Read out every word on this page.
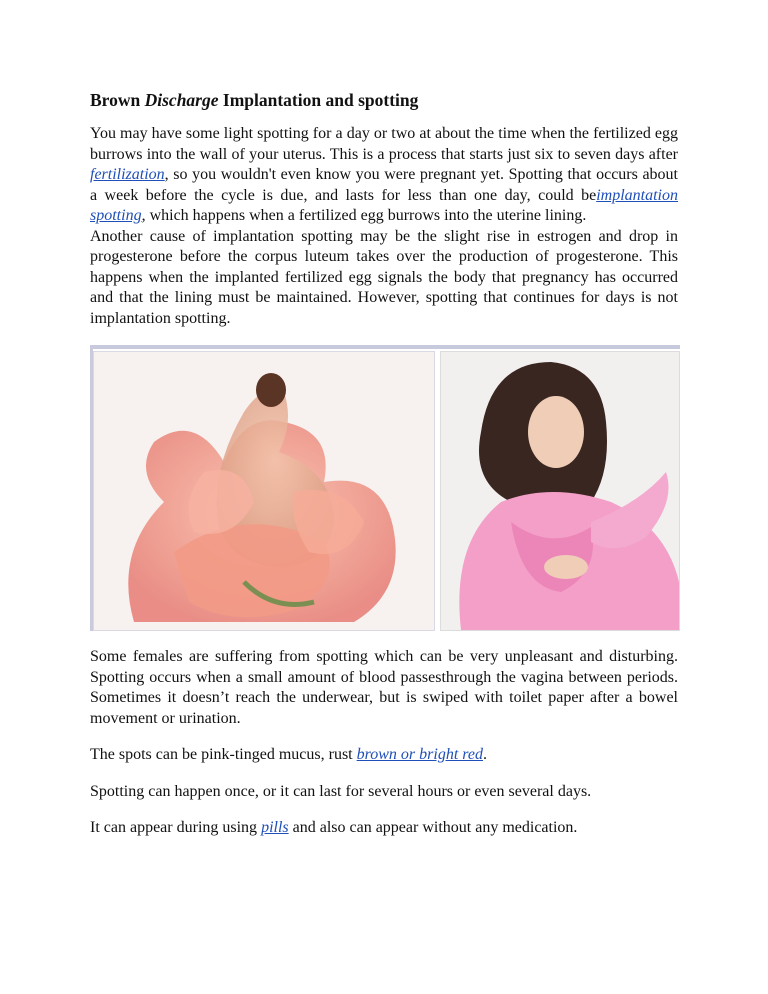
Brown Discharge Implantation and spotting

You may have some light spotting for a day or two at about the time when the fertilized egg burrows into the wall of your uterus. This is a process that starts just six to seven days after fertilization, so you wouldn't even know you were pregnant yet. Spotting that occurs about a week before the cycle is due, and lasts for less than one day, could beimplantation spotting, which happens when a fertilized egg burrows into the uterine lining.
Another cause of implantation spotting may be the slight rise in estrogen and drop in progesterone before the corpus luteum takes over the production of progesterone. This happens when the implanted fertilized egg signals the body that pregnancy has occurred and that the lining must be maintained. However, spotting that continues for days is not implantation spotting.

Some females are suffering from spotting which can be very unpleasant and disturbing. Spotting occurs when a small amount of blood passesthrough the vagina between periods. Sometimes it doesn’t reach the underwear, but is swiped with toilet paper after a bowel movement or urination.

The spots can be pink-tinged mucus, rust brown or bright red.

Spotting can happen once, or it can last for several hours or even several days.

It can appear during using pills and also can appear without any medication.
